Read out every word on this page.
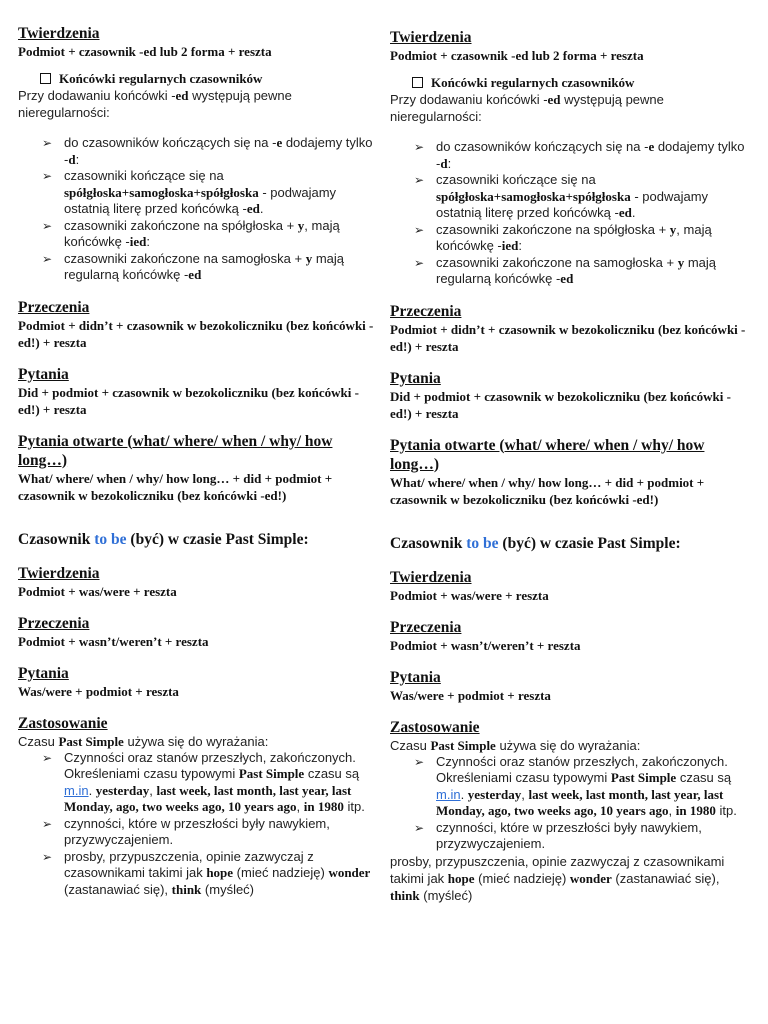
Twierdzenia

Podmiot + czasownik -ed lub 2 forma + reszta

Końcówki regularnych czasowników

Przy dodawaniu końcówki -ed występują pewne nieregularności:

➢ do czasowników kończących się na -e dodajemy tylko -d:
➢ czasowniki kończące się na spółgłoska+samogłoska+spółgłoska - podwajamy ostatnią literę przed końcówką -ed.
➢ czasowniki zakończone na spółgłoska + y, mają końcówkę -ied:
➢ czasowniki zakończone na samogłoska + y mają regularną końcówkę -ed

Przeczenia

Podmiot + didn’t + czasownik w bezokoliczniku (bez końcówki -ed!) + reszta

Pytania

Did + podmiot + czasownik w bezokoliczniku (bez końcówki -ed!) + reszta

Pytania otwarte (what/ where/ when / why/ how long…)

What/ where/ when / why/ how long… + did + podmiot + czasownik w bezokoliczniku (bez końcówki -ed!)

Czasownik to be (być) w czasie Past Simple:

Twierdzenia

Podmiot + was/were + reszta

Przeczenia

Podmiot + wasn’t/weren’t + reszta

Pytania

Was/were + podmiot + reszta

Zastosowanie

Czasu Past Simple używa się do wyrażania:

➢ Czynności oraz stanów przeszłych, zakończonych. Określeniami czasu typowymi Past Simple czasu są m.in. yesterday, last week, last month, last year, last Monday, ago, two weeks ago, 10 years ago, in 1980 itp.
➢ czynności, które w przeszłości były nawykiem, przyzwyczajeniem.
➢ prosby, przypuszczenia, opinie zazwyczaj z czasownikami takimi jak hope (mieć nadzieję) wonder (zastanawiać się), think (myśleć)

Twierdzenia

Podmiot + czasownik -ed lub 2 forma + reszta

Końcówki regularnych czasowników

Przy dodawaniu końcówki -ed występują pewne nieregularności:

➢ do czasowników kończących się na -e dodajemy tylko -d:
➢ czasowniki kończące się na spółgłoska+samogłoska+spółgłoska - podwajamy ostatnią literę przed końcówką -ed.
➢ czasowniki zakończone na spółgłoska + y, mają końcówkę -ied:
➢ czasowniki zakończone na samogłoska + y mają regularną końcówkę -ed

Przeczenia

Podmiot + didn’t + czasownik w bezokoliczniku (bez końcówki -ed!) + reszta

Pytania

Did + podmiot + czasownik w bezokoliczniku (bez końcówki -ed!) + reszta

Pytania otwarte (what/ where/ when / why/ how long…)

What/ where/ when / why/ how long… + did + podmiot + czasownik w bezokoliczniku (bez końcówki -ed!)

Czasownik to be (być) w czasie Past Simple:

Twierdzenia

Podmiot + was/were + reszta

Przeczenia

Podmiot + wasn’t/weren’t + reszta

Pytania

Was/were + podmiot + reszta

Zastosowanie

Czasu Past Simple używa się do wyrażania:

➢ Czynności oraz stanów przeszłych, zakończonych. Określeniami czasu typowymi Past Simple czasu są m.in. yesterday, last week, last month, last year, last Monday, ago, two weeks ago, 10 years ago, in 1980 itp.
➢ czynności, które w przeszłości były nawykiem, przyzwyczajeniem.

prosby, przypuszczenia, opinie zazwyczaj z czasownikami takimi jak hope (mieć nadzieję) wonder (zastanawiać się), think (myśleć)
